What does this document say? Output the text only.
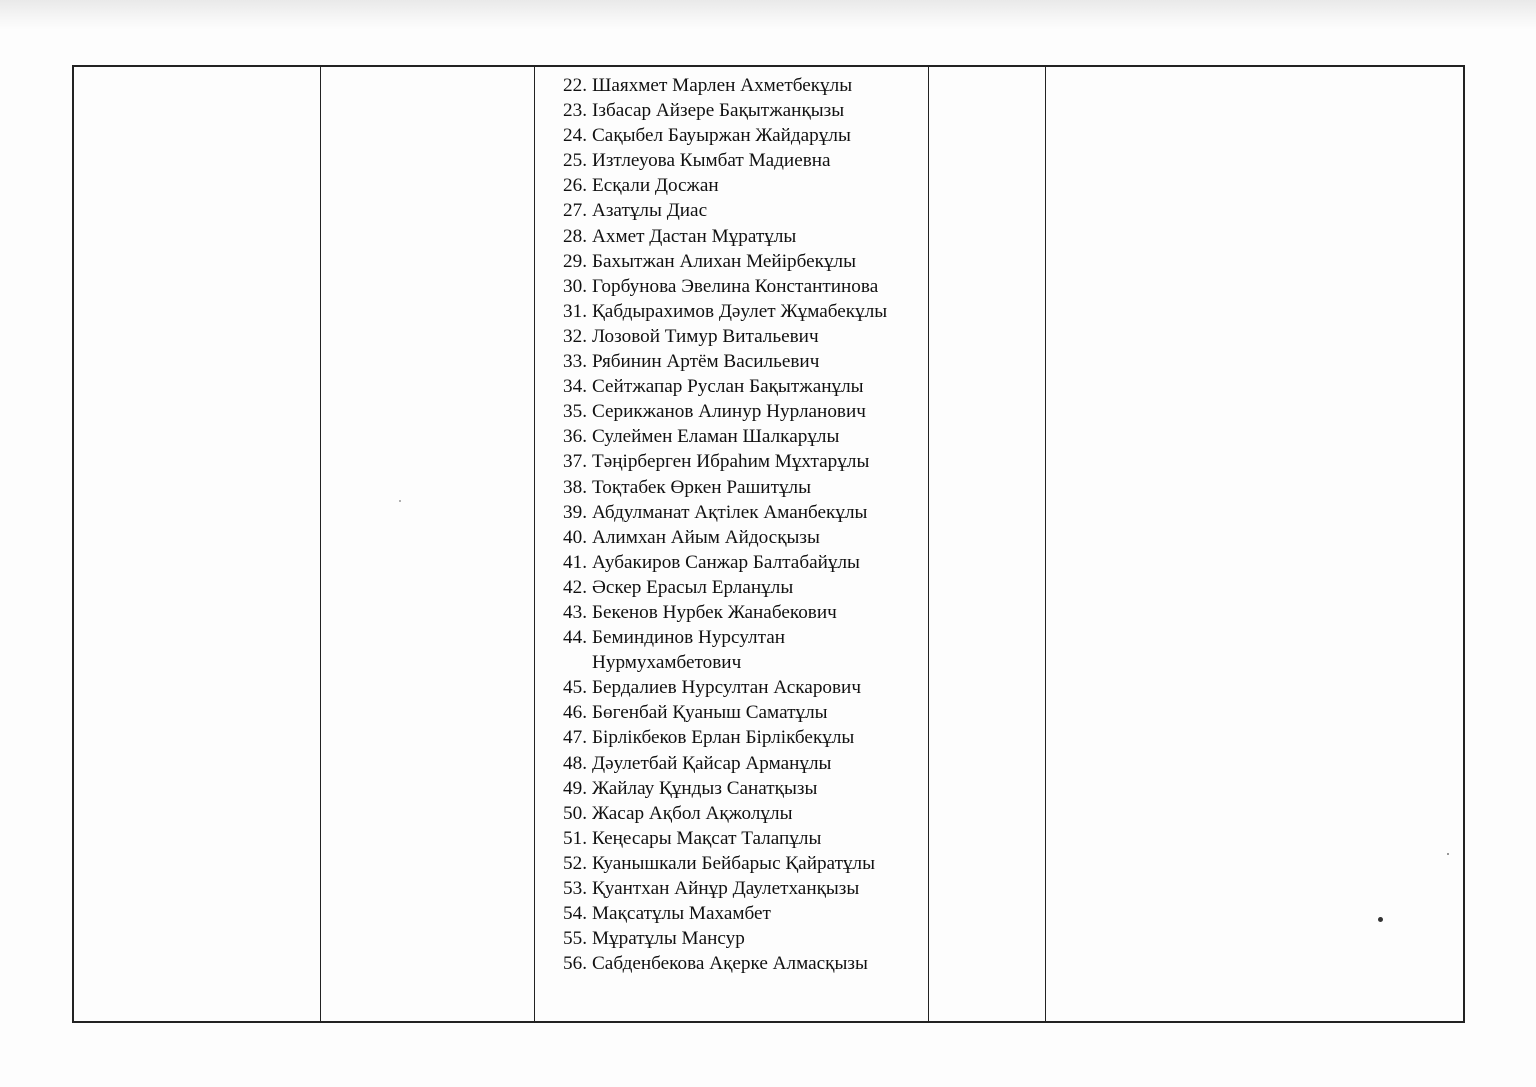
22. Шаяхмет Марлен Ахметбекұлы
23. Ізбасар Айзере Бақытжанқызы
24. Сақыбел Бауыржан Жайдарұлы
25. Изтлеуова Кымбат Мадиевна
26. Есқали Досжан
27. Азатұлы Диас
28. Ахмет Дастан Мұратұлы
29. Бахытжан Алихан Мейірбекұлы
30. Горбунова Эвелина Константинова
31. Қабдырахимов Дәулет Жұмабекұлы
32. Лозовой Тимур Витальевич
33. Рябинин Артём Васильевич
34. Сейтжапар Руслан Бақытжанұлы
35. Серикжанов Алинур Нурланович
36. Сулеймен Еламан Шалкарұлы
37. Тәңірберген Ибраһим Мұхтарұлы
38. Тоқтабек Өркен Рашитұлы
39. Абдулманат Ақтілек Аманбекұлы
40. Алимхан Айым Айдосқызы
41. Аубакиров Санжар Балтабайұлы
42. Әскер Ерасыл Ерланұлы
43. Бекенов Нурбек Жанабекович
44. Бeминдинов Нурсултан Нурмухамбетович
45. Бердалиев Нурсултан Аскарович
46. Бөгенбай Қуаныш Саматұлы
47. Бірлікбеков Ерлан Бірлікбекұлы
48. Дәулетбай Қайсар Арманұлы
49. Жайлау Құндыз Санатқызы
50. Жасар Ақбол Ақжолұлы
51. Кеңесары Мақсат Талапұлы
52. Куанышкали Бейбарыс Қайратұлы
53. Қуантхан Айнұр Даулетханқызы
54. Мақсатұлы Махамбет
55. Мұратұлы Мансур
56. Сабденбекова Ақерке Алмасқызы
